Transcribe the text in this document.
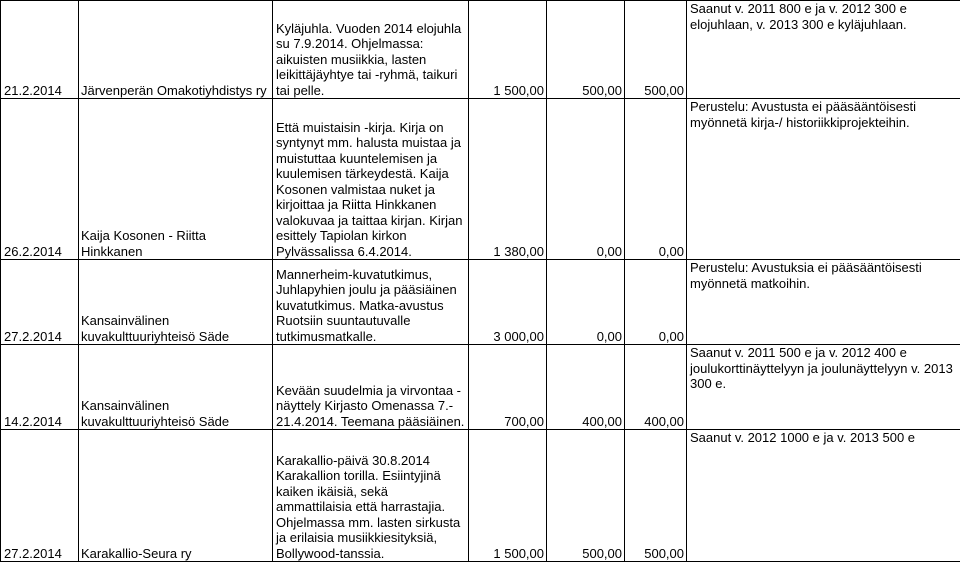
21.2.2014	Järvenperän Omakotiyhdistys ry	Kyläjuhla. Vuoden 2014 elojuhla su 7.9.2014. Ohjelmassa: aikuisten musiikkia, lasten leikittäjäyhtye tai -ryhmä, taikuri tai pelle.	1 500,00	500,00	500,00	Saanut v. 2011 800 e ja v. 2012 300 e elojuhlaan, v. 2013 300 e kyläjuhlaan.
26.2.2014	Kaija Kosonen - Riitta Hinkkanen	Että muistaisin -kirja. Kirja on syntynyt mm. halusta muistaa ja muistuttaa kuuntelemisen ja kuulemisen tärkeydestä. Kaija Kosonen valmistaa nuket ja kirjoittaa ja Riitta Hinkkanen valokuvaa ja taittaa kirjan. Kirjan esittely Tapiolan kirkon Pylvässalissa 6.4.2014.	1 380,00	0,00	0,00	Perustelu: Avustusta ei pääsääntöisesti myönnetä kirja-/ historiikkiprojekteihin.
27.2.2014	Kansainvälinen kuvakulttuuriyhteisö Säde	Mannerheim-kuvatutkimus, Juhlapyhien joulu ja pääsiäinen kuvatutkimus. Matka-avustus Ruotsiin suuntautuvalle tutkimusmatkalle.	3 000,00	0,00	0,00	Perustelu: Avustuksia ei pääsääntöisesti myönnetä matkoihin.
14.2.2014	Kansainvälinen kuvakulttuuriyhteisö Säde	Kevään suudelmia ja virvontaa -näyttely Kirjasto Omenassa 7.- 21.4.2014. Teemana pääsiäinen.	700,00	400,00	400,00	Saanut v. 2011 500 e ja v. 2012 400 e joulukorttinäyttelyyn ja joulunäyttelyyn v. 2013 300 e.
27.2.2014	Karakallio-Seura ry	Karakallio-päivä 30.8.2014 Karakallion torilla. Esiintyjinä kaiken ikäisiä, sekä ammattilaisia että harrastajia. Ohjelmassa mm. lasten sirkusta ja erilaisia musiikkiesityksiä, Bollywood-tanssia.	1 500,00	500,00	500,00	Saanut v. 2012 1000 e ja v. 2013 500 e
